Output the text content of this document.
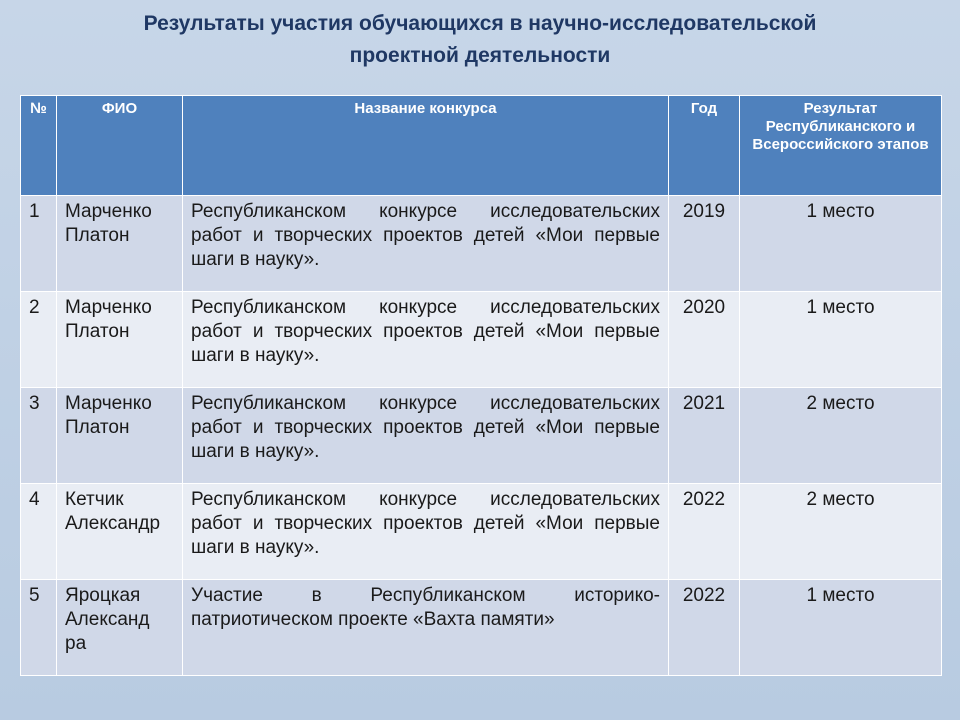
Результаты участия обучающихся в научно-исследовательской
проектной деятельности
№	ФИО	Название конкурса	Год	Результат Республиканского и Всероссийского этапов
1	Марченко Платон	Республиканском конкурсе исследовательских работ и творческих проектов детей «Мои первые шаги в науку».	2019	1 место
2	Марченко Платон	Республиканском конкурсе исследовательских работ и творческих проектов детей «Мои первые шаги в науку».	2020	1 место
3	Марченко Платон	Республиканском конкурсе исследовательских работ и творческих проектов детей «Мои первые шаги в науку».	2021	2 место
4	Кетчик Александр	Республиканском конкурсе исследовательских работ и творческих проектов детей «Мои первые шаги в науку».	2022	2 место
5	Яроцкая Александ ра	Участие в Республиканском историко-патриотическом проекте «Вахта памяти»	2022	1 место
